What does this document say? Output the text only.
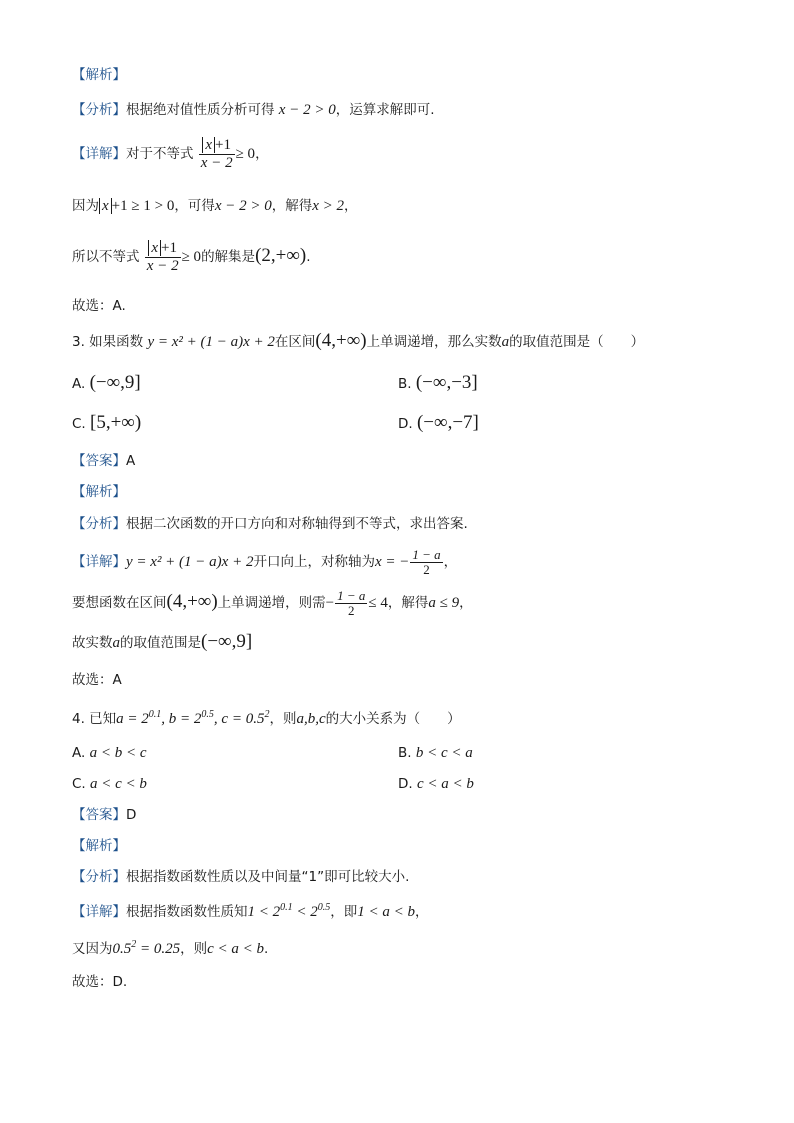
【解析】
【分析】根据绝对值性质分析可得 x − 2 > 0，运算求解即可.
【详解】对于不等式 $\frac{x +1}{x - 2} \ge 0$，
因为 x +1 ≥ 1 > 0，可得x − 2 > 0，解得x > 2，
所以不等式 $\frac{x +1}{x - 2} \ge 0$的解集是(2,+∞).
故选：A.
3. 如果函数 y = x² + (1 − a)x + 2在区间(4,+∞)上单调递增，那么实数a的取值范围是（　　）
A. (−∞,9]	B. (−∞,−3]
C. [5,+∞)	D. (−∞,−7]
【答案】A
【解析】
【分析】根据二次函数的开口方向和对称轴得到不等式，求出答案.
【详解】y = x² + (1 − a)x + 2开口向上，对称轴为x = − $\frac{1 - a}{2}$ ，
要想函数在区间(4,+∞)上单调递增，则需− $\frac{1 - a}{2} \le 4$，解得a ≤ 9，
故实数a的取值范围是(−∞,9]
故选：A
4. 已知$a = 2^{0.1}$, $b = 2^{0.5}$, $c = 0.5^2$，则a,b,c的大小关系为（　　）
A. a < b < c	B. b < c < a
C. a < c < b	D. c < a < b
【答案】D
【解析】
【分析】根据指数函数性质以及中间量“1”即可比较大小.
【详解】根据指数函数性质知$1 < 2^{0.1} < 2^{0.5}$，即1 < a < b，
又因为$0.5^2 = 0.25$，则c < a < b.
故选：D.
